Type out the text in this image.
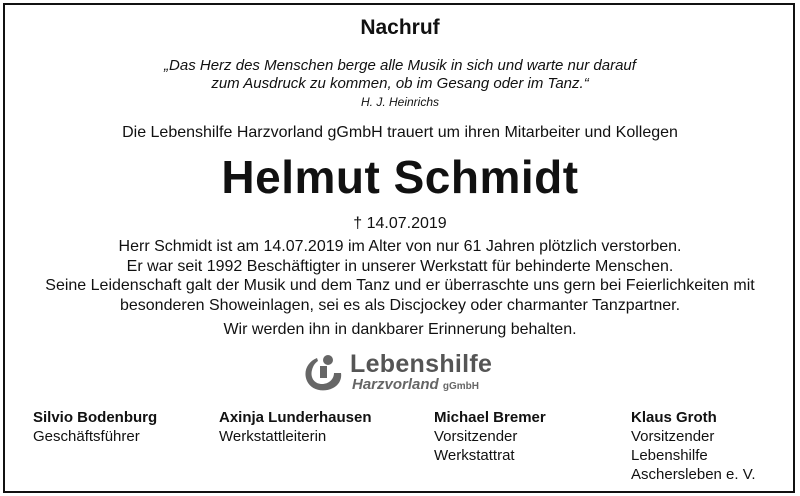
Nachruf
„Das Herz des Menschen berge alle Musik in sich und warte nur darauf
zum Ausdruck zu kommen, ob im Gesang oder im Tanz.“
H. J. Heinrichs
Die Lebenshilfe Harzvorland gGmbH trauert um ihren Mitarbeiter und Kollegen
Helmut Schmidt
† 14.07.2019
Herr Schmidt ist am 14.07.2019 im Alter von nur 61 Jahren plötzlich verstorben.
Er war seit 1992 Beschäftigter in unserer Werkstatt für behinderte Menschen.
Seine Leidenschaft galt der Musik und dem Tanz und er überraschte uns gern bei Feierlichkeiten mit
besonderen Showeinlagen, sei es als Discjockey oder charmanter Tanzpartner.
Wir werden ihn in dankbarer Erinnerung behalten.
Lebenshilfe
Harzvorland gGmbH
Silvio Bodenburg
Geschäftsführer
Axinja Lunderhausen
Werkstattleiterin
Michael Bremer
Vorsitzender
Werkstattrat
Klaus Groth
Vorsitzender
Lebenshilfe
Aschersleben e. V.
